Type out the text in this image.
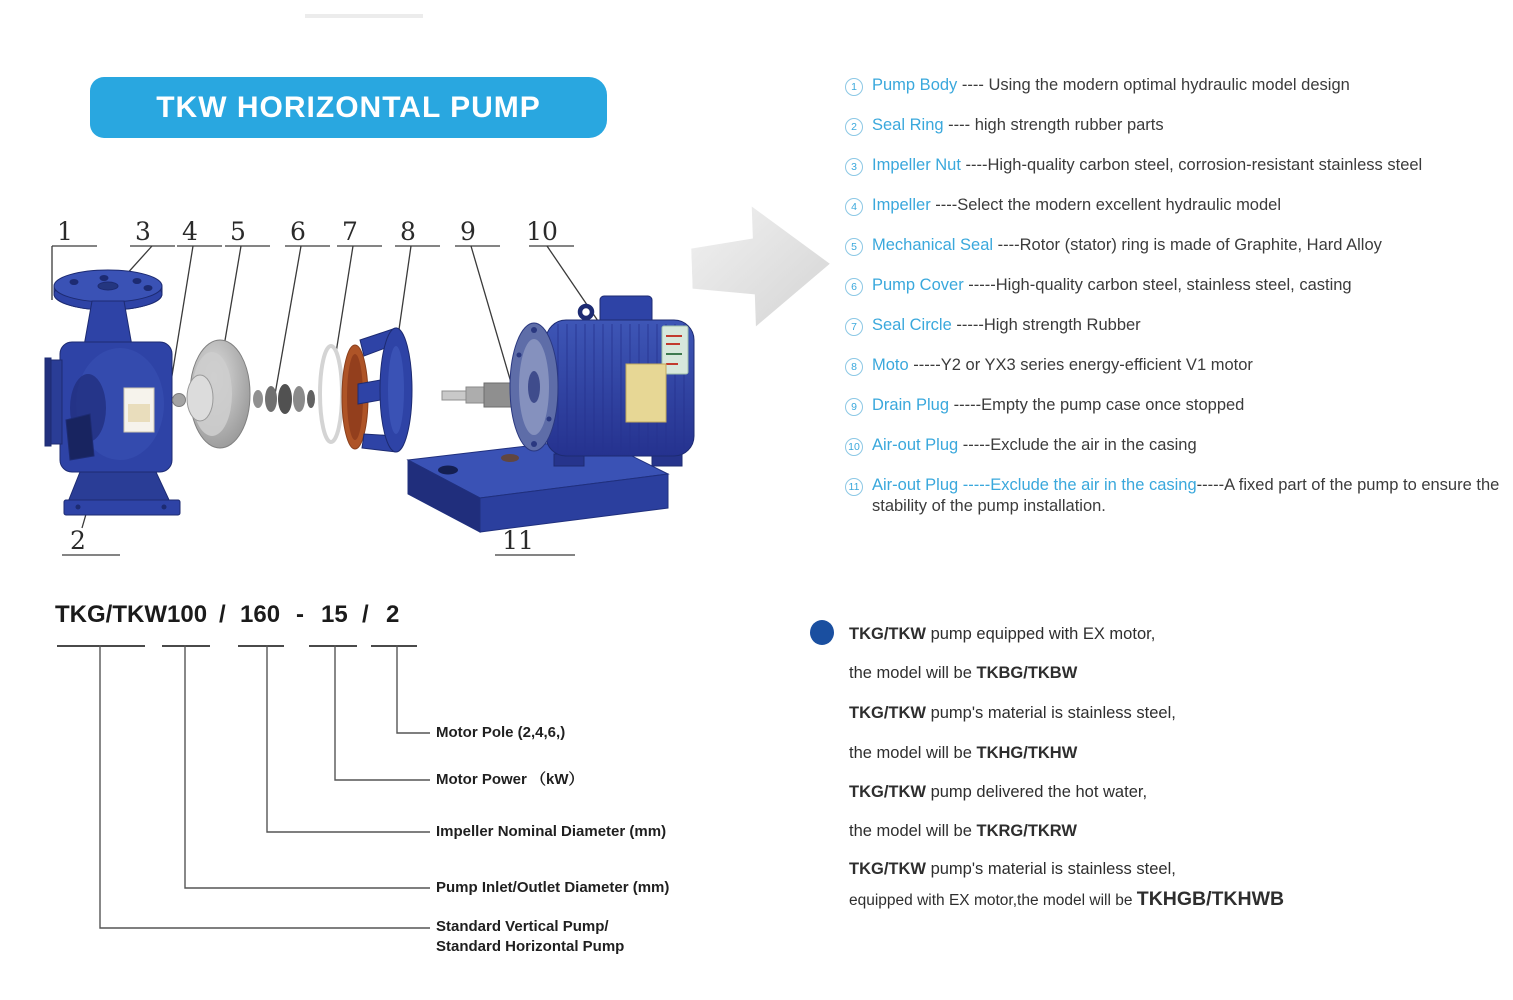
TKW HORIZONTAL PUMP
1 3 4 5 6 7 8 9 10
2	11
1 Pump Body ---- Using the modern optimal hydraulic model design
2 Seal Ring ---- high strength rubber parts
3 Impeller Nut ----High-quality carbon steel, corrosion-resistant stainless steel
4 Impeller ----Select the modern excellent hydraulic model
5 Mechanical Seal ----Rotor (stator) ring is made of Graphite, Hard Alloy
6 Pump Cover -----High-quality carbon steel, stainless steel, casting
7 Seal Circle -----High strength Rubber
8 Moto -----Y2 or YX3 series energy-efficient V1 motor
9 Drain Plug -----Empty the pump case once stopped
10 Air-out Plug -----Exclude the air in the casing
11 Air-out Plug -----Exclude the air in the casing-----A fixed part of the pump to ensure the stability of the pump installation.
TKG/TKW 100 / 160 - 15 / 2
Motor Pole (2,4,6,)
Motor Power （kW）
Impeller Nominal Diameter (mm)
Pump Inlet/Outlet Diameter (mm)
Standard Vertical Pump/
Standard Horizontal Pump
TKG/TKW pump equipped with EX motor,
the model will be TKBG/TKBW
TKG/TKW pump's material is stainless steel,
the model will be TKHG/TKHW
TKG/TKW pump delivered the hot water,
the model will be TKRG/TKRW
TKG/TKW pump's material is stainless steel,
equipped with EX motor,the model will be TKHGB/TKHWB
